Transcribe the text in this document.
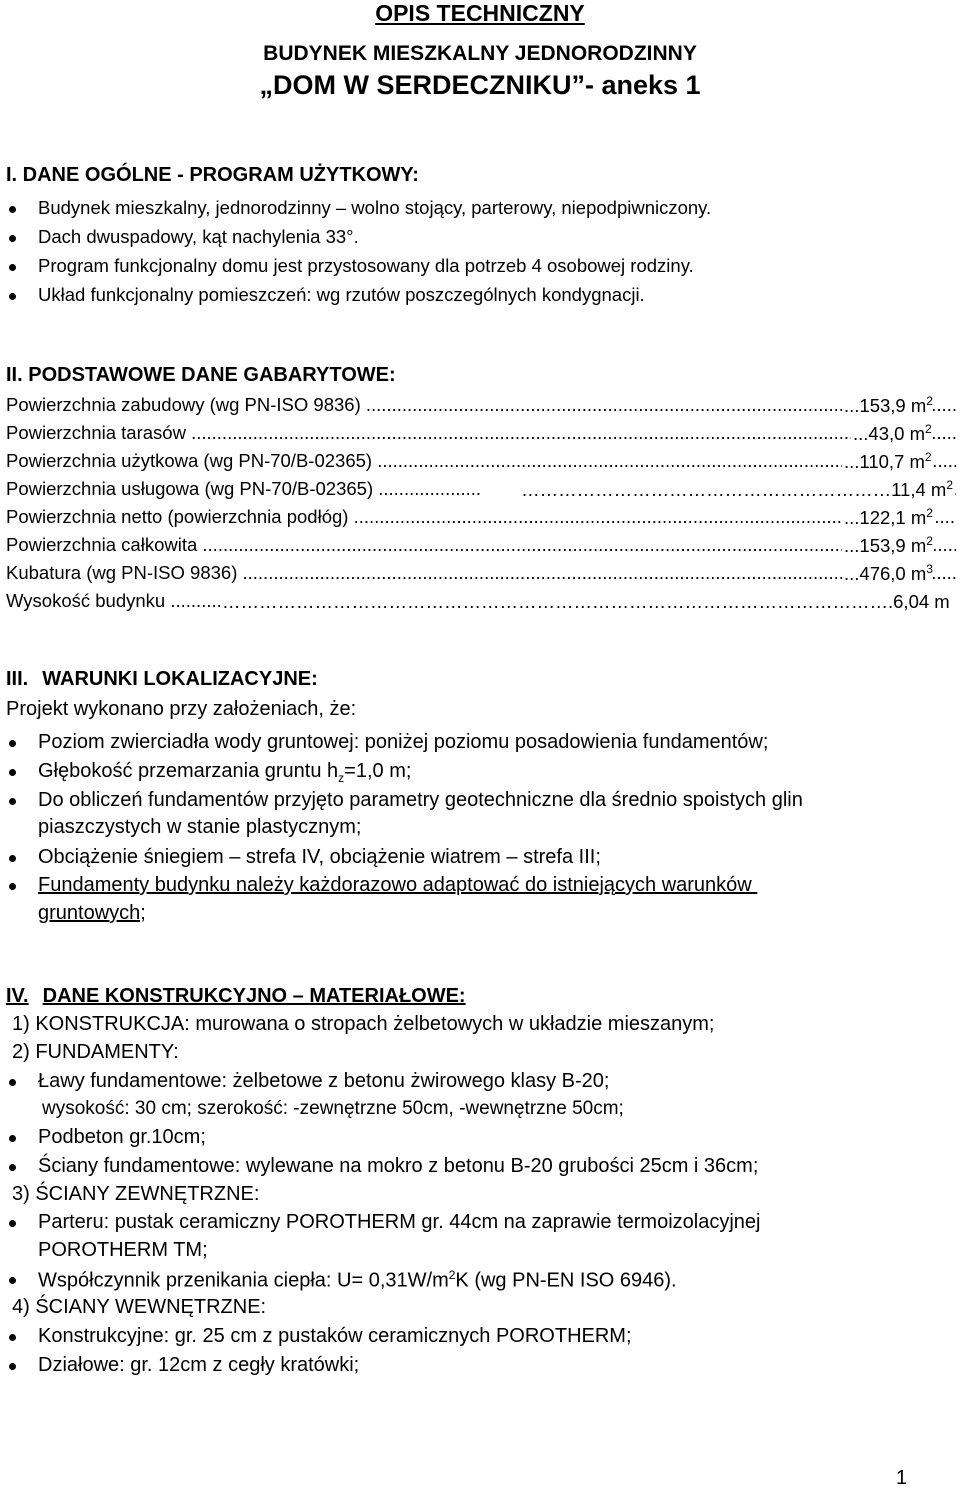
OPIS TECHNICZNY
BUDYNEK MIESZKALNY JEDNORODZINNY
„DOM W SERDECZNIKU”- aneks 1
I. DANE OGÓLNE - PROGRAM UŻYTKOWY:
Budynek mieszkalny, jednorodzinny – wolno stojący, parterowy, niepodpiwniczony.
Dach dwuspadowy, kąt nachylenia 33°.
Program funkcjonalny domu jest przystosowany dla potrzeb 4 osobowej rodziny.
Układ funkcjonalny pomieszczeń: wg rzutów poszczególnych kondygnacji.
II. PODSTAWOWE DANE GABARYTOWE:
Powierzchnia zabudowy (wg PN-ISO 9836) .....	...153,9 $m^2$
Powierzchnia tarasów .....	...43,0 $m^2$
Powierzchnia użytkowa (wg PN-70/B-02365) .....	...110,7 $m^2$
Powierzchnia usługowa (wg PN-70/B-02365) .....	……………………………………………………11,4 $m^2$
Powierzchnia netto (powierzchnia podłóg) .....	...122,1 $m^2$
Powierzchnia całkowita .....	...153,9 $m^2$
Kubatura (wg PN-ISO 9836) .....	...476,0 $m^3$
Wysokość budynku .....	……………………………………………………………………………………………….6,04 m
III. WARUNKI LOKALIZACYJNE:
Projekt wykonano przy założeniach, że:
Poziom zwierciadła wody gruntowej: poniżej poziomu posadowienia fundamentów;
Głębokość przemarzania gruntu $h_z=1,0$ m;
Do obliczeń fundamentów przyjęto parametry geotechniczne dla średnio spoistych glin
piaszczystych w stanie plastycznym;
Obciążenie śniegiem – strefa IV, obciążenie wiatrem – strefa III;
Fundamenty budynku należy każdorazowo adaptować do istniejących warunków
gruntowych;
IV. DANE KONSTRUKCYJNO – MATERIAŁOWE:
1) KONSTRUKCJA: murowana o stropach żelbetowych w układzie mieszanym;
2) FUNDAMENTY:
Ławy fundamentowe: żelbetowe z betonu żwirowego klasy B-20;
wysokość: 30 cm; szerokość: -zewnętrzne 50cm, -wewnętrzne 50cm;
Podbeton gr.10cm;
Ściany fundamentowe: wylewane na mokro z betonu B-20 grubości 25cm i 36cm;
3) ŚCIANY ZEWNĘTRZNE:
Parteru: pustak ceramiczny POROTHERM gr. 44cm na zaprawie termoizolacyjnej
POROTHERM TM;
Współczynnik przenikania ciepła: $U= 0,31W/m^2K$ (wg PN-EN ISO 6946).
4) ŚCIANY WEWNĘTRZNE:
Konstrukcyjne: gr. 25 cm z pustaków ceramicznych POROTHERM;
Działowe: gr. 12cm z cegły kratówki;
1
